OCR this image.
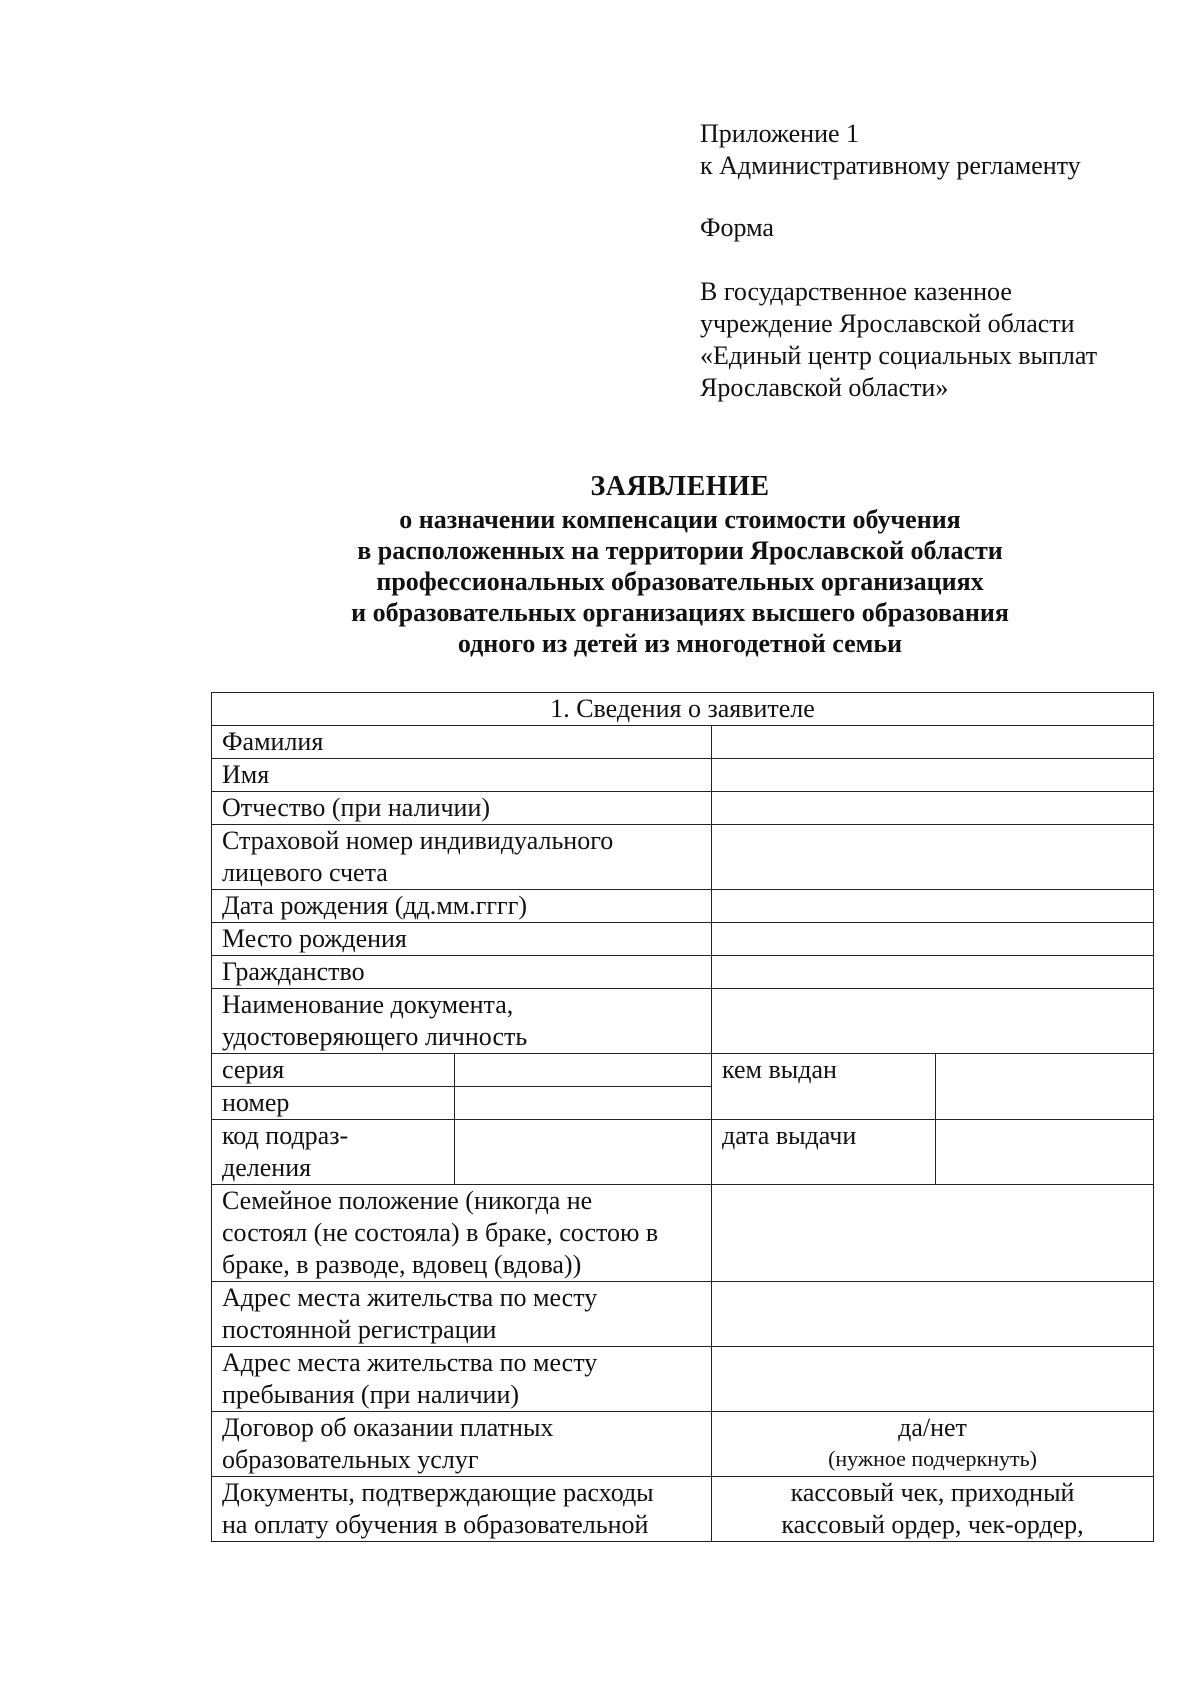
Приложение 1
к Административному регламенту
Форма
В государственное казенное
учреждение Ярославской области
«Единый центр социальных выплат
Ярославской области»
ЗАЯВЛЕНИЕ
о назначении компенсации стоимости обучения
в расположенных на территории Ярославской области
профессиональных образовательных организациях
и образовательных организациях высшего образования
одного из детей из многодетной семьи
1. Сведения о заявителе			
Фамилия			
Имя			
Отчество (при наличии)			

Страховой номер индивидуального
лицевого счета			

Дата рождения (дд.мм.гггг)			
Место рождения			
Гражданство			

Наименование документа,
удостоверяющего личность			

серия		кем выдан	
номер			

код подраз-
деления		дата выдачи	

Семейное положение (никогда не
состоял (не состояла) в браке, состою в
браке, в разводе, вдовец (вдова))			

Адрес места жительства по месту
постоянной регистрации			

Адрес места жительства по месту
пребывания (при наличии)			

Договор об оказании платных
образовательных услуг		да/нет
(нужное подчеркнуть)	

Документы, подтверждающие расходы
на оплату обучения в образовательной		кассовый чек, приходный
кассовый ордер, чек-ордер,	
